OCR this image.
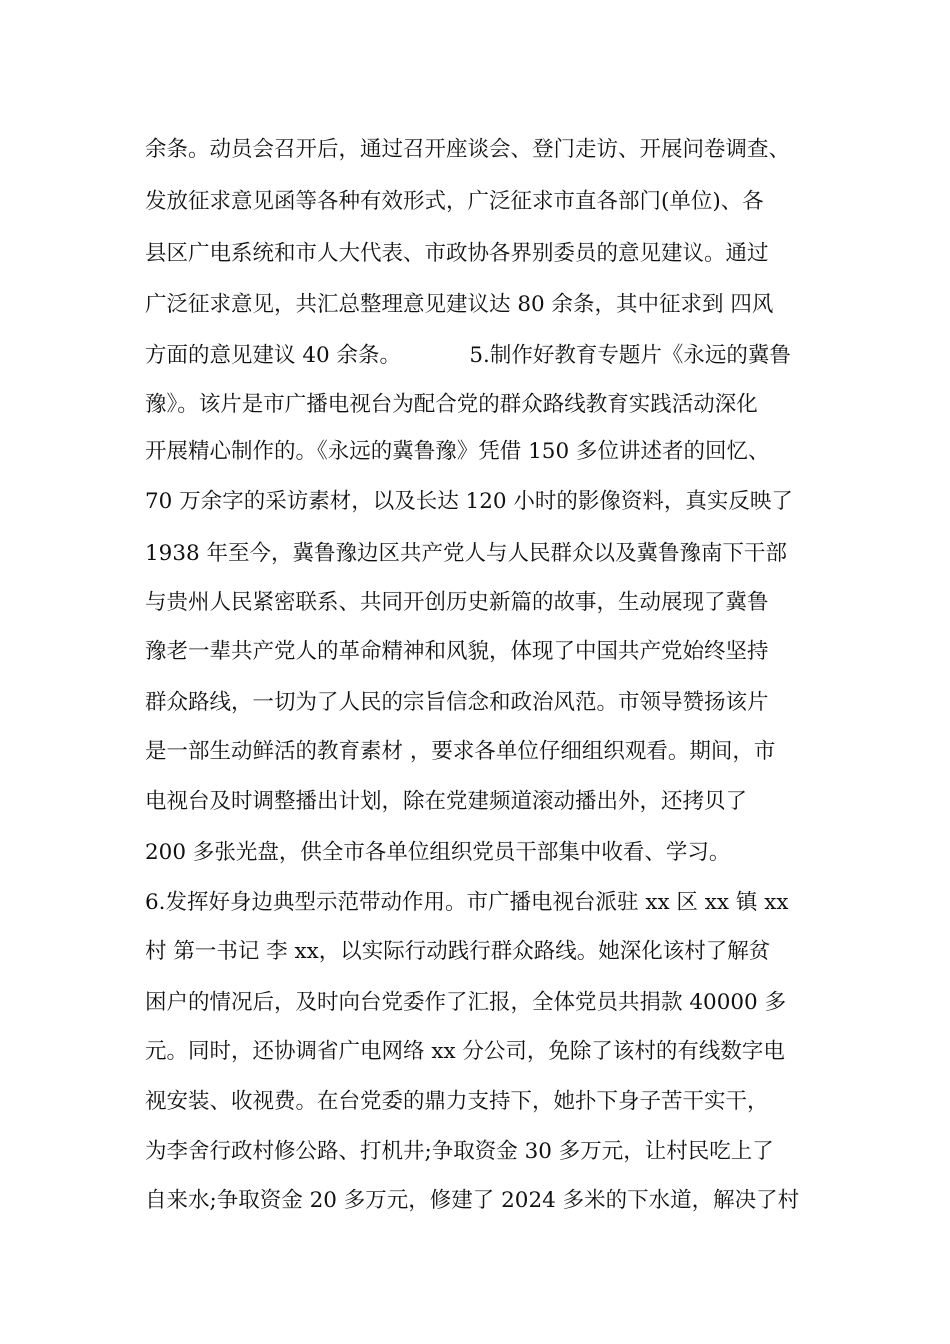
余条。动员会召开后，通过召开座谈会、登门走访、开展问卷调查、

发放征求意见函等各种有效形式，广泛征求市直各部门(单位)、各

县区广电系统和市人大代表、市政协各界别委员的意见建议。通过

广泛征求意见，共汇总整理意见建议达 80 余条，其中征求到 四风

方面的意见建议 40 余条。          5.制作好教育专题片《永远的冀鲁

豫》。该片是市广播电视台为配合党的群众路线教育实践活动深化

开展精心制作的。《永远的冀鲁豫》凭借 150 多位讲述者的回忆、

70 万余字的采访素材，以及长达 120 小时的影像资料，真实反映了

1938 年至今，冀鲁豫边区共产党人与人民群众以及冀鲁豫南下干部

与贵州人民紧密联系、共同开创历史新篇的故事，生动展现了冀鲁

豫老一辈共产党人的革命精神和风貌，体现了中国共产党始终坚持

群众路线，一切为了人民的宗旨信念和政治风范。市领导赞扬该片

是一部生动鲜活的教育素材 ，要求各单位仔细组织观看。期间，市

电视台及时调整播出计划，除在党建频道滚动播出外，还拷贝了

200 多张光盘，供全市各单位组织党员干部集中收看、学习。

6.发挥好身边典型示范带动作用。市广播电视台派驻 xx 区 xx 镇 xx

村 第一书记 李 xx，以实际行动践行群众路线。她深化该村了解贫

困户的情况后，及时向台党委作了汇报，全体党员共捐款 40000 多

元。同时，还协调省广电网络 xx 分公司，免除了该村的有线数字电

视安装、收视费。在台党委的鼎力支持下，她扑下身子苦干实干，

为李舍行政村修公路、打机井;争取资金 30 多万元，让村民吃上了

自来水;争取资金 20 多万元，修建了 2024 多米的下水道，解决了村
